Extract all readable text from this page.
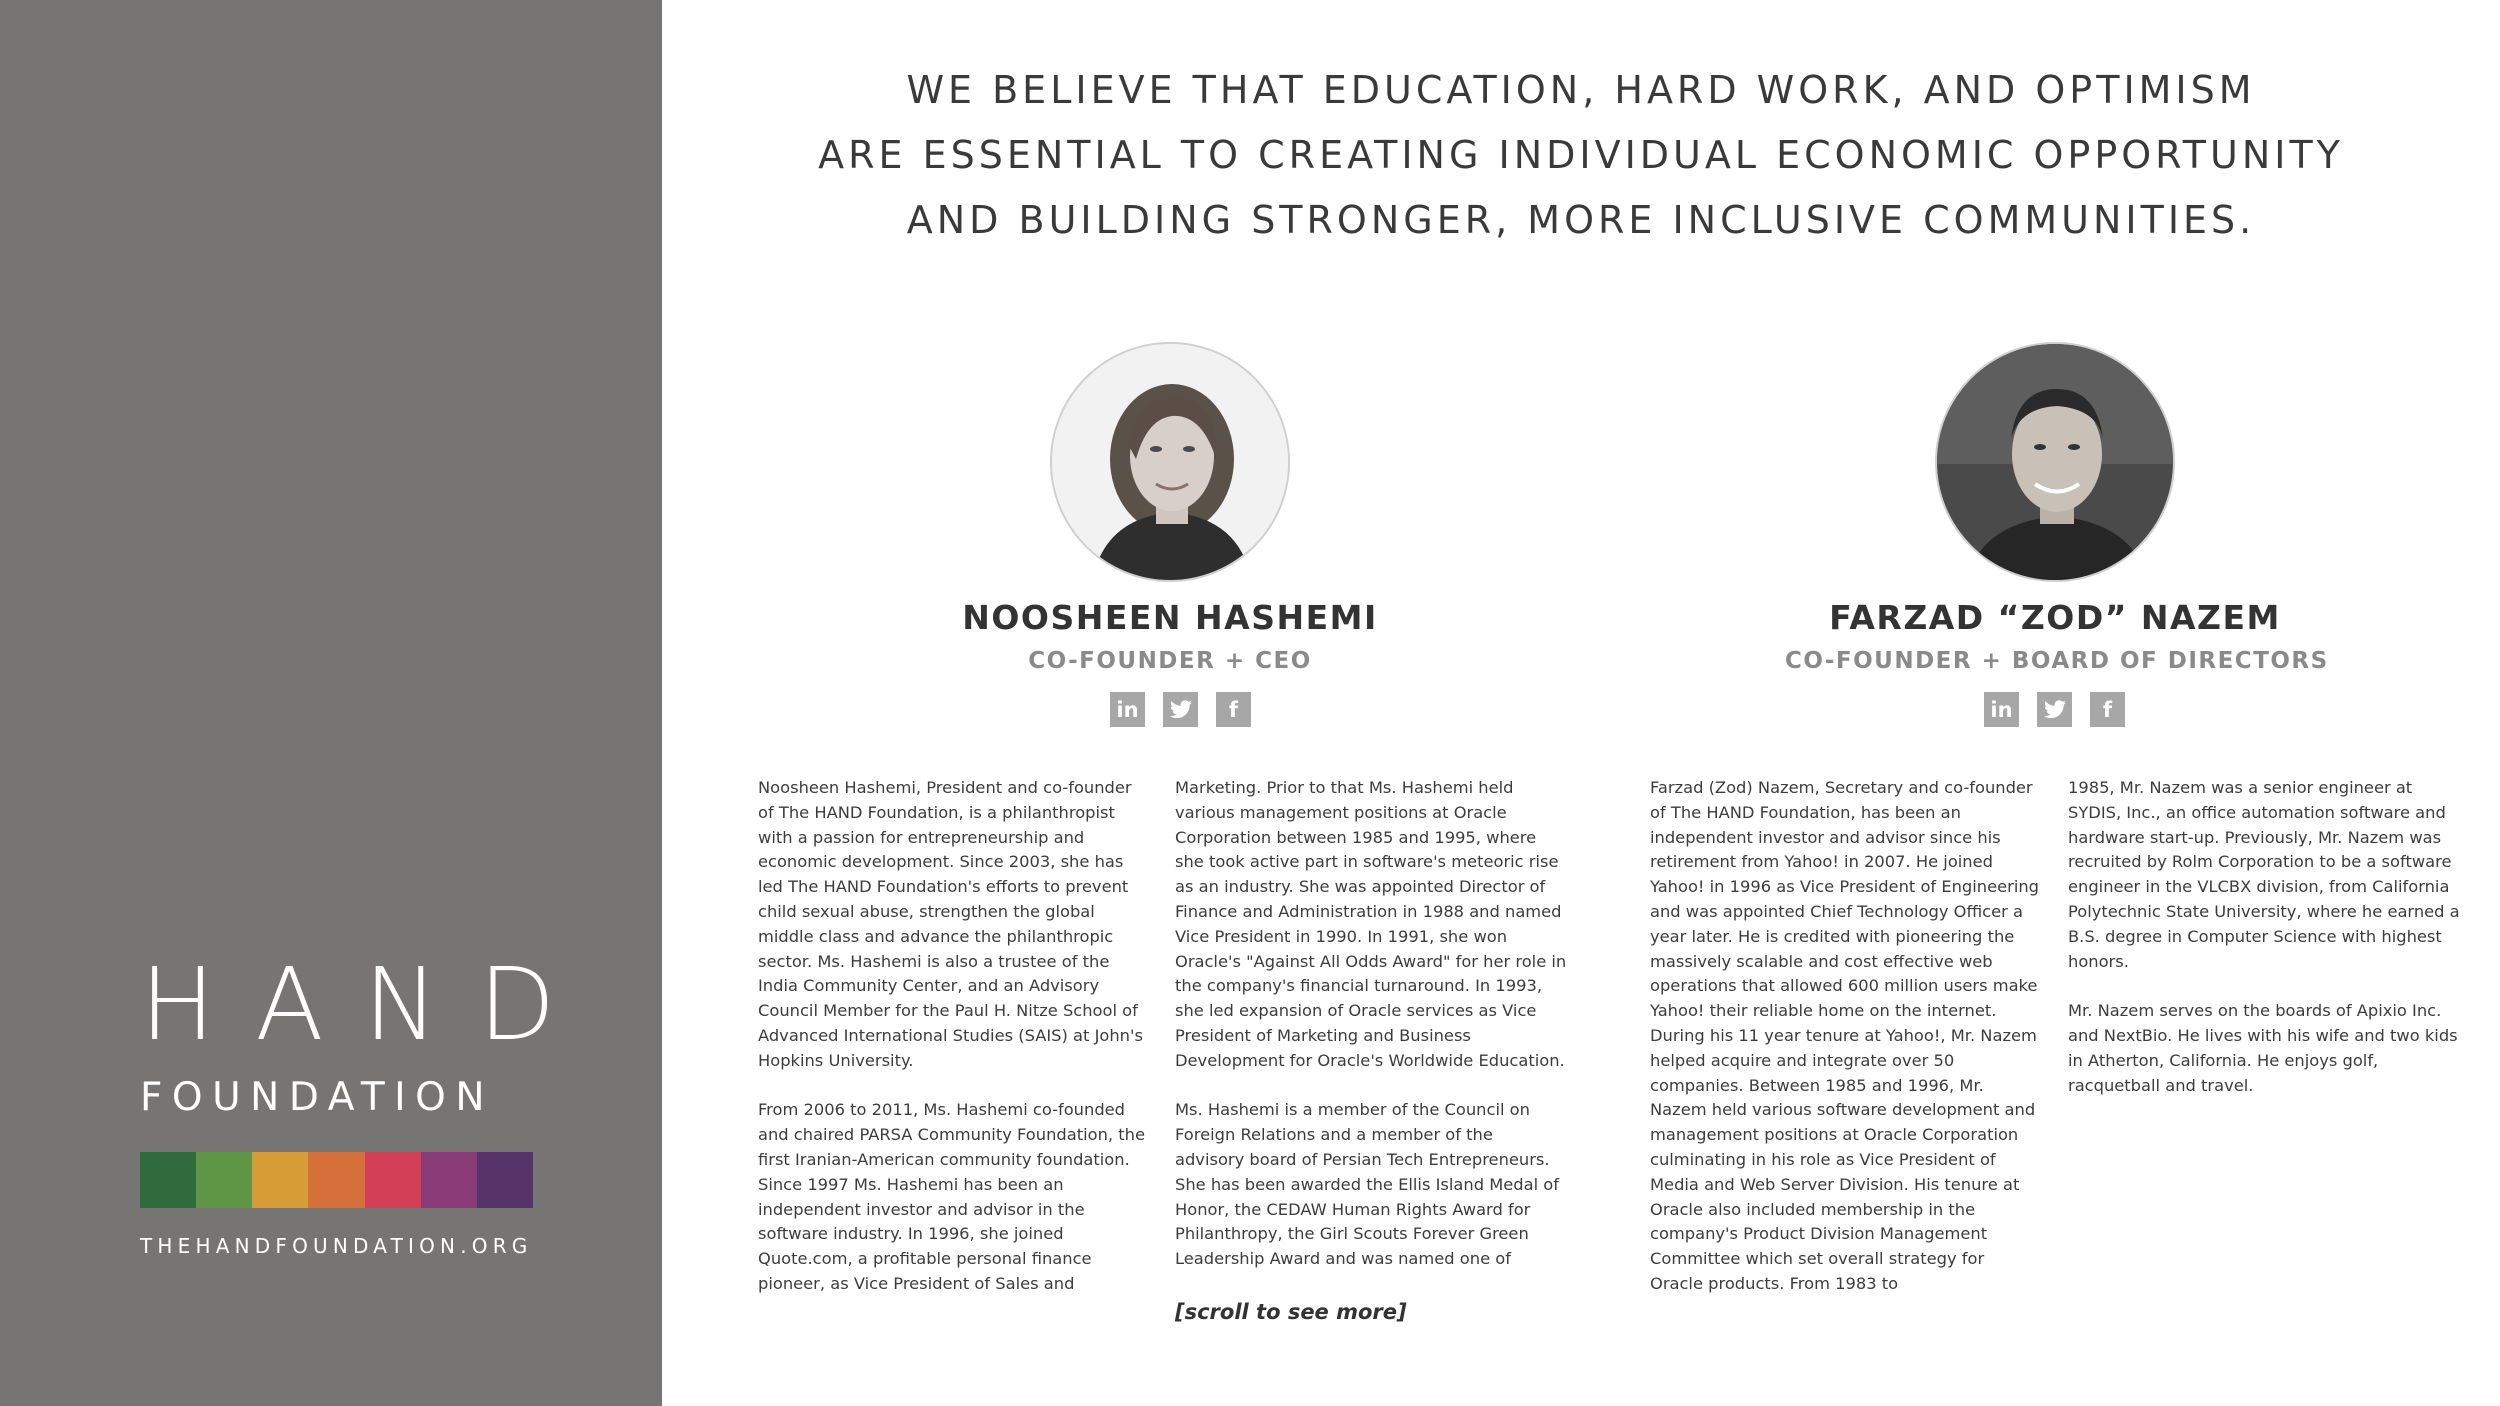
HAND
FOUNDATION
THEHANDFOUNDATION.ORG
WE BELIEVE THAT EDUCATION, HARD WORK, AND OPTIMISM
ARE ESSENTIAL TO CREATING INDIVIDUAL ECONOMIC OPPORTUNITY
AND BUILDING STRONGER, MORE INCLUSIVE COMMUNITIES.
NOOSHEEN HASHEMI
CO-FOUNDER + CEO
in	f

Noosheen Hashemi, President and co-founder of The HAND Foundation, is a philanthropist with a passion for entrepreneurship and economic development. Since 2003, she has led The HAND Foundation's efforts to prevent child sexual abuse, strengthen the global middle class and advance the philanthropic sector. Ms. Hashemi is also a trustee of the India Community Center, and an Advisory Council Member for the Paul H. Nitze School of Advanced International Studies (SAIS) at John's Hopkins University.

From 2006 to 2011, Ms. Hashemi co-founded and chaired PARSA Community Foundation, the first Iranian-American community foundation. Since 1997 Ms. Hashemi has been an independent investor and advisor in the software industry. In 1996, she joined Quote.com, a profitable personal finance pioneer, as Vice President of Sales and

Marketing. Prior to that Ms. Hashemi held various management positions at Oracle Corporation between 1985 and 1995, where she took active part in software's meteoric rise as an industry. She was appointed Director of Finance and Administration in 1988 and named Vice President in 1990. In 1991, she won Oracle's "Against All Odds Award" for her role in the company's financial turnaround. In 1993, she led expansion of Oracle services as Vice President of Marketing and Business Development for Oracle's Worldwide Education.

Ms. Hashemi is a member of the Council on Foreign Relations and a member of the advisory board of Persian Tech Entrepreneurs. She has been awarded the Ellis Island Medal of Honor, the CEDAW Human Rights Award for Philanthropy, the Girl Scouts Forever Green Leadership Award and was named one of

[scroll to see more]
FARZAD “ZOD” NAZEM
CO-FOUNDER + BOARD OF DIRECTORS
in	f

Farzad (Zod) Nazem, Secretary and co-founder of The HAND Foundation, has been an independent investor and advisor since his retirement from Yahoo! in 2007. He joined Yahoo! in 1996 as Vice President of Engineering and was appointed Chief Technology Officer a year later. He is credited with pioneering the massively scalable and cost effective web operations that allowed 600 million users make Yahoo! their reliable home on the internet. During his 11 year tenure at Yahoo!, Mr. Nazem helped acquire and integrate over 50 companies. Between 1985 and 1996, Mr. Nazem held various software development and management positions at Oracle Corporation culminating in his role as Vice President of Media and Web Server Division. His tenure at Oracle also included membership in the company's Product Division Management Committee which set overall strategy for Oracle products. From 1983 to

1985, Mr. Nazem was a senior engineer at SYDIS, Inc., an office automation software and hardware start-up. Previously, Mr. Nazem was recruited by Rolm Corporation to be a software engineer in the VLCBX division, from California Polytechnic State University, where he earned a B.S. degree in Computer Science with highest honors.

Mr. Nazem serves on the boards of Apixio Inc. and NextBio. He lives with his wife and two kids in Atherton, California. He enjoys golf, racquetball and travel.
